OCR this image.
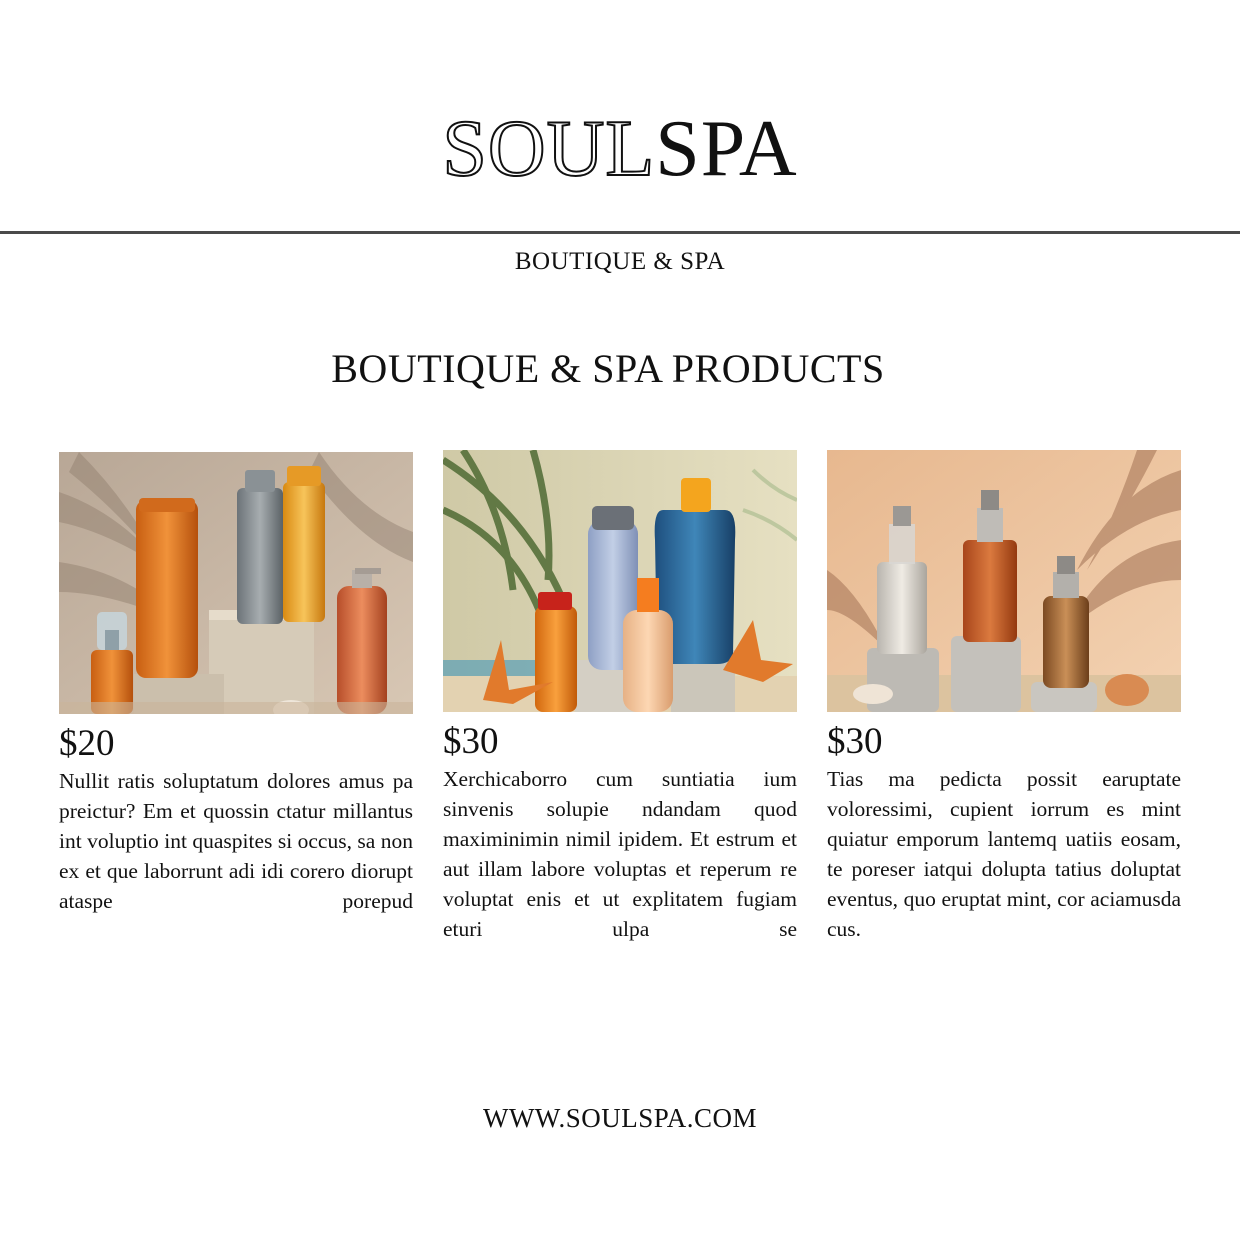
SOULSPA
BOUTIQUE & SPA
BOUTIQUE & SPA PRODUCTS
$20
Nullit ratis soluptatum dolores amus pa preictur? Em et quossin ctatur millantus int voluptio int quaspites si occus, sa non ex et que laborrunt adi idi corero diorupt ataspe porepud
$30
Xerchicaborro cum suntiatia ium sinvenis solupie ndandam quod maximinimin nimil ipidem. Et estrum et aut illam labore voluptas et reperum re voluptat enis et ut explitatem fugiam eturi ulpa se
$30
Tias ma pedicta possit earuptate voloressimi, cupient iorrum es mint quiatur emporum lantemq uatiis eosam, te poreser iatqui dolupta tatius doluptat eventus, quo eruptat mint, cor aciamusda cus.
WWW.SOULSPA.COM
